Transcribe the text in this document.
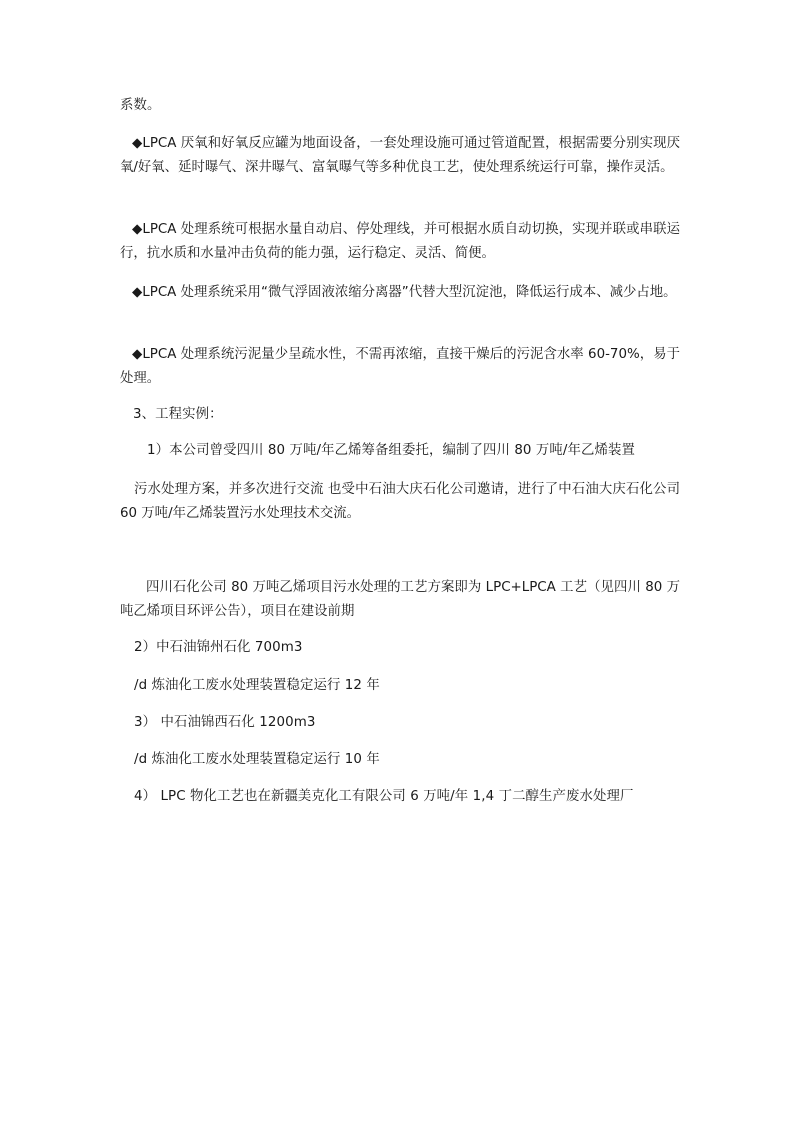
系数。
◆LPCA 厌氧和好氧反应罐为地面设备，一套处理设施可通过管道配置，根据需要分别实现厌氧/好氧、延时曝气、深井曝气、富氧曝气等多种优良工艺，使处理系统运行可靠，操作灵活。
◆LPCA 处理系统可根据水量自动启、停处理线，并可根据水质自动切换，实现并联或串联运行，抗水质和水量冲击负荷的能力强，运行稳定、灵活、简便。
◆LPCA 处理系统采用“微气浮固液浓缩分离器”代替大型沉淀池，降低运行成本、减少占地。
◆LPCA 处理系统污泥量少呈疏水性，不需再浓缩，直接干燥后的污泥含水率 60-70%，易于处理。
3、工程实例：
1）本公司曾受四川 80 万吨/年乙烯筹备组委托，编制了四川 80 万吨/年乙烯装置
污水处理方案，并多次进行交流 也受中石油大庆石化公司邀请，进行了中石油大庆石化公司 60 万吨/年乙烯装置污水处理技术交流。
四川石化公司 80 万吨乙烯项目污水处理的工艺方案即为 LPC+LPCA 工艺（见四川 80 万吨乙烯项目环评公告），项目在建设前期
2）中石油锦州石化 700m3
/d 炼油化工废水处理装置稳定运行 12 年
3） 中石油锦西石化 1200m3
/d 炼油化工废水处理装置稳定运行 10 年
4） LPC 物化工艺也在新疆美克化工有限公司 6 万吨/年 1,4 丁二醇生产废水处理厂
